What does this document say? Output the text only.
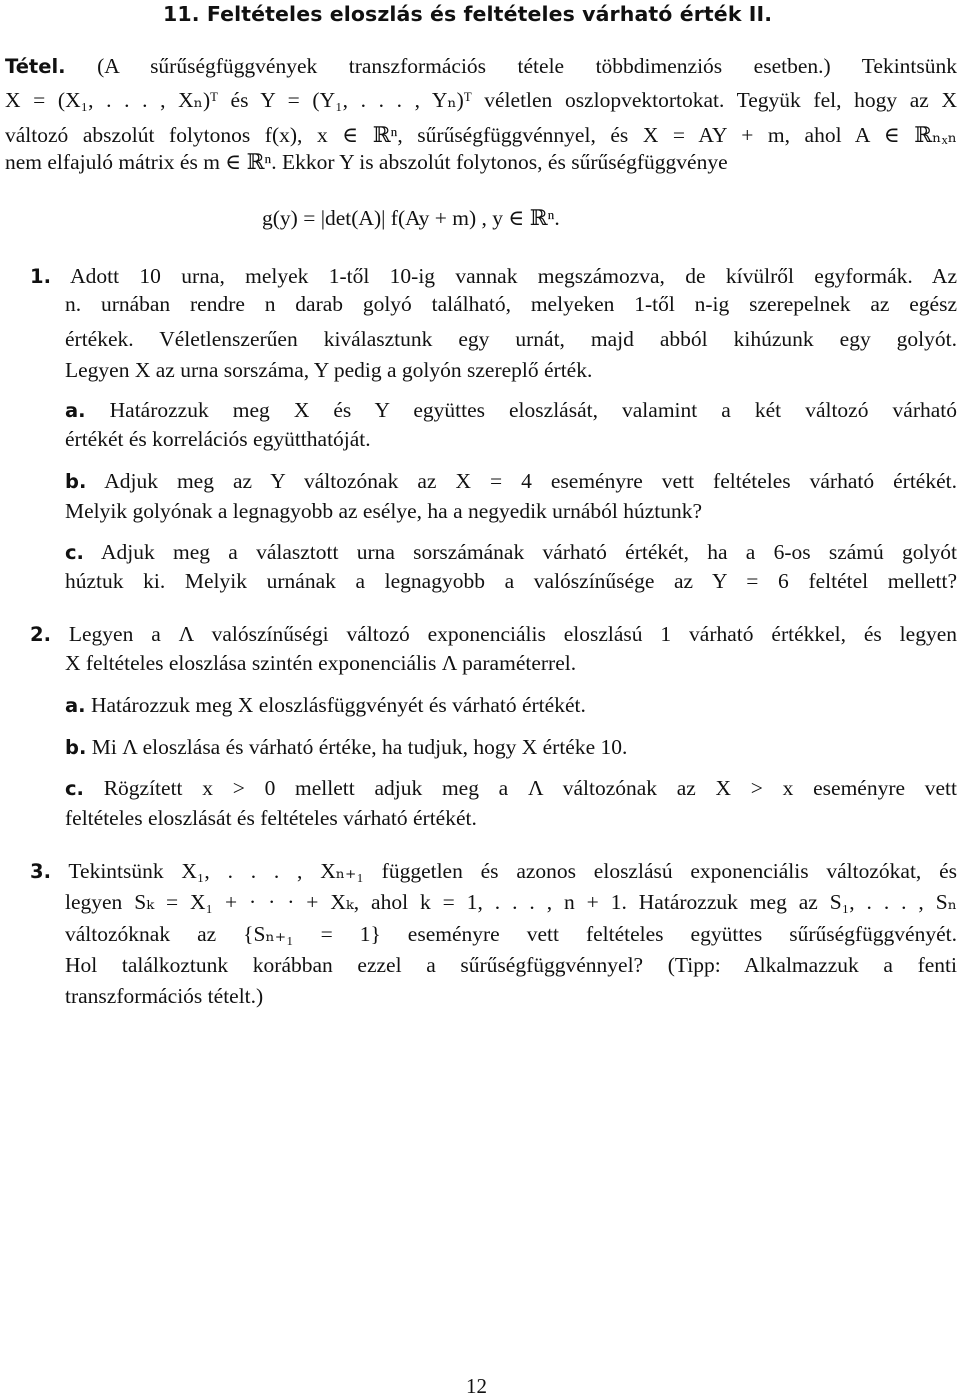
11. Feltételes eloszlás és feltételes várható érték II.
Tétel. (A sűrűségfüggvények transzformációs tétele többdimenziós esetben.) Tekintsünk
X = (X₁, . . . , Xₙ)ᵀ és Y = (Y₁, . . . , Yₙ)ᵀ véletlen oszlopvektortokat. Tegyük fel, hogy az X
változó abszolút folytonos f(x), x ∈ ℝⁿ, sűrűségfüggvénnyel, és X = AY + m, ahol A ∈ ℝₙₓₙ
nem elfajuló mátrix és m ∈ ℝⁿ. Ekkor Y is abszolút folytonos, és sűrűségfüggvénye
g(y) = |det(A)| f(Ay + m) , y ∈ ℝⁿ.
1. Adott 10 urna, melyek 1-től 10-ig vannak megszámozva, de kívülről egyformák. Az
n. urnában rendre n darab golyó található, melyeken 1-től n-ig szerepelnek az egész
értékek. Véletlenszerűen kiválasztunk egy urnát, majd abból kihúzunk egy golyót.
Legyen X az urna sorszáma, Y pedig a golyón szereplő érték.
a. Határozzuk meg X és Y együttes eloszlását, valamint a két változó várható
értékét és korrelációs együtthatóját.
b. Adjuk meg az Y változónak az X = 4 eseményre vett feltételes várható értékét.
Melyik golyónak a legnagyobb az esélye, ha a negyedik urnából húztunk?
c. Adjuk meg a választott urna sorszámának várható értékét, ha a 6-os számú golyót
húztuk ki. Melyik urnának a legnagyobb a valószínűsége az Y = 6 feltétel mellett?
2. Legyen a Λ valószínűségi változó exponenciális eloszlású 1 várható értékkel, és legyen
X feltételes eloszlása szintén exponenciális Λ paraméterrel.
a. Határozzuk meg X eloszlásfüggvényét és várható értékét.
b. Mi Λ eloszlása és várható értéke, ha tudjuk, hogy X értéke 10.
c. Rögzített x > 0 mellett adjuk meg a Λ változónak az X > x eseményre vett
feltételes eloszlását és feltételes várható értékét.
3. Tekintsünk X₁, . . . , Xₙ₊₁ független és azonos eloszlású exponenciális változókat, és
legyen Sₖ = X₁ + · · · + Xₖ, ahol k = 1, . . . , n + 1. Határozzuk meg az S₁, . . . , Sₙ
változóknak az {Sₙ₊₁ = 1} eseményre vett feltételes együttes sűrűségfüggvényét.
Hol találkoztunk korábban ezzel a sűrűségfüggvénnyel? (Tipp: Alkalmazzuk a fenti
transzformációs tételt.)
12
